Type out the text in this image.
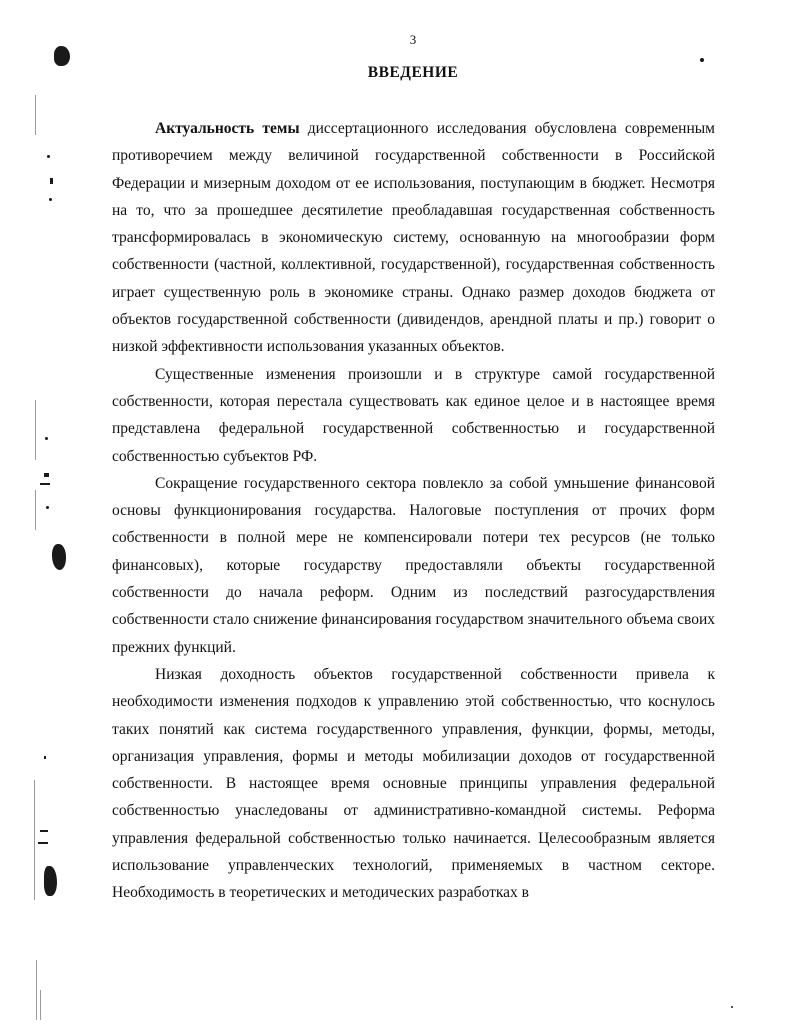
3
ВВЕДЕНИЕ

Актуальность темы диссертационного исследования обусловлена современным противоречием между величиной государственной собственности в Российской Федерации и мизерным доходом от ее использования, поступающим в бюджет. Несмотря на то, что за прошедшее десятилетие преобладавшая государственная собственность трансформировалась в экономическую систему, основанную на многообразии форм собственности (частной, коллективной, государственной), государственная собственность играет существенную роль в экономике страны. Однако размер доходов бюджета от объектов государственной собственности (дивидендов, арендной платы и пр.) говорит о низкой эффективности использования указанных объектов.

Существенные изменения произошли и в структуре самой государственной собственности, которая перестала существовать как единое целое и в настоящее время представлена федеральной государственной собственностью и государственной собственностью субъектов РФ.

Сокращение государственного сектора повлекло за собой умньшение финансовой основы функционирования государства. Налоговые поступления от прочих форм собственности в полной мере не компенсировали потери тех ресурсов (не только финансовых), которые государству предоставляли объекты государственной собственности до начала реформ. Одним из последствий разгосударствления собственности стало снижение финансирования государством значительного объема своих прежних функций.

Низкая доходность объектов государственной собственности привела к необходимости изменения подходов к управлению этой собственностью, что коснулось таких понятий как система государственного управления, функции, формы, методы, организация управления, формы и методы мобилизации доходов от государственной собственности. В настоящее время основные принципы управления федеральной собственностью унаследованы от административно-командной системы. Реформа управления федеральной собственностью только начинается. Целесообразным является использование управленческих технологий, применяемых в частном секторе. Необходимость в теоретических и методических разработках в
